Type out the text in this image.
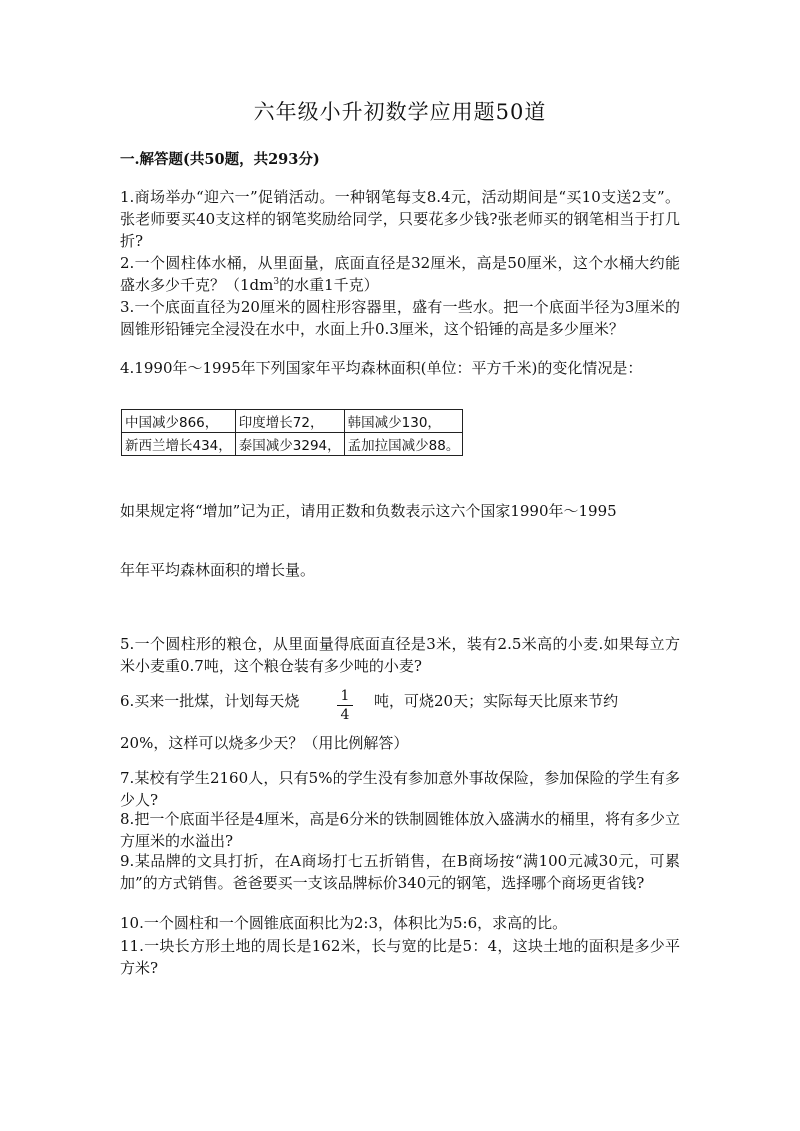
六年级小升初数学应用题50道
一.解答题(共50题，共293分)
1.商场举办“迎六一”促销活动。一种钢笔每支8.4元，活动期间是“买10支送2支”。张老师要买40支这样的钢笔奖励给同学，只要花多少钱?张老师买的钢笔相当于打几折?
2.一个圆柱体水桶，从里面量，底面直径是32厘米，高是50厘米，这个水桶大约能盛水多少千克？（$1dm^3$的水重1千克）
3.一个底面直径为20厘米的圆柱形容器里，盛有一些水。把一个底面半径为3厘米的圆锥形铅锤完全浸没在水中，水面上升0.3厘米，这个铅锤的高是多少厘米？
4.1990年～1995年下列国家年平均森林面积(单位：平方千米)的变化情况是：
中国减少866，	印度增长72，	韩国减少130，
新西兰增长434，	泰国减少3294，	孟加拉国减少88。
如果规定将“增加”记为正，请用正数和负数表示这六个国家1990年～1995
年年平均森林面积的增长量。
5.一个圆柱形的粮仓，从里面量得底面直径是3米，装有2.5米高的小麦.如果每立方米小麦重0.7吨，这个粮仓装有多少吨的小麦?
6.买来一批煤，计划每天烧	1
4
吨，可烧20天；实际每天比原来节约
20%，这样可以烧多少天？（用比例解答）
7.某校有学生2160人，只有5%的学生没有参加意外事故保险，参加保险的学生有多少人?
8.把一个底面半径是4厘米，高是6分米的铁制圆锥体放入盛满水的桶里，将有多少立方厘米的水溢出?
9.某品牌的文具打折，在A商场打七五折销售，在B商场按“满100元减30元，可累加”的方式销售。爸爸要买一支该品牌标价340元的钢笔，选择哪个商场更省钱?
10.一个圆柱和一个圆锥底面积比为2:3，体积比为5:6，求高的比。
11.一块长方形土地的周长是162米，长与宽的比是5：4，这块土地的面积是多少平方米?
